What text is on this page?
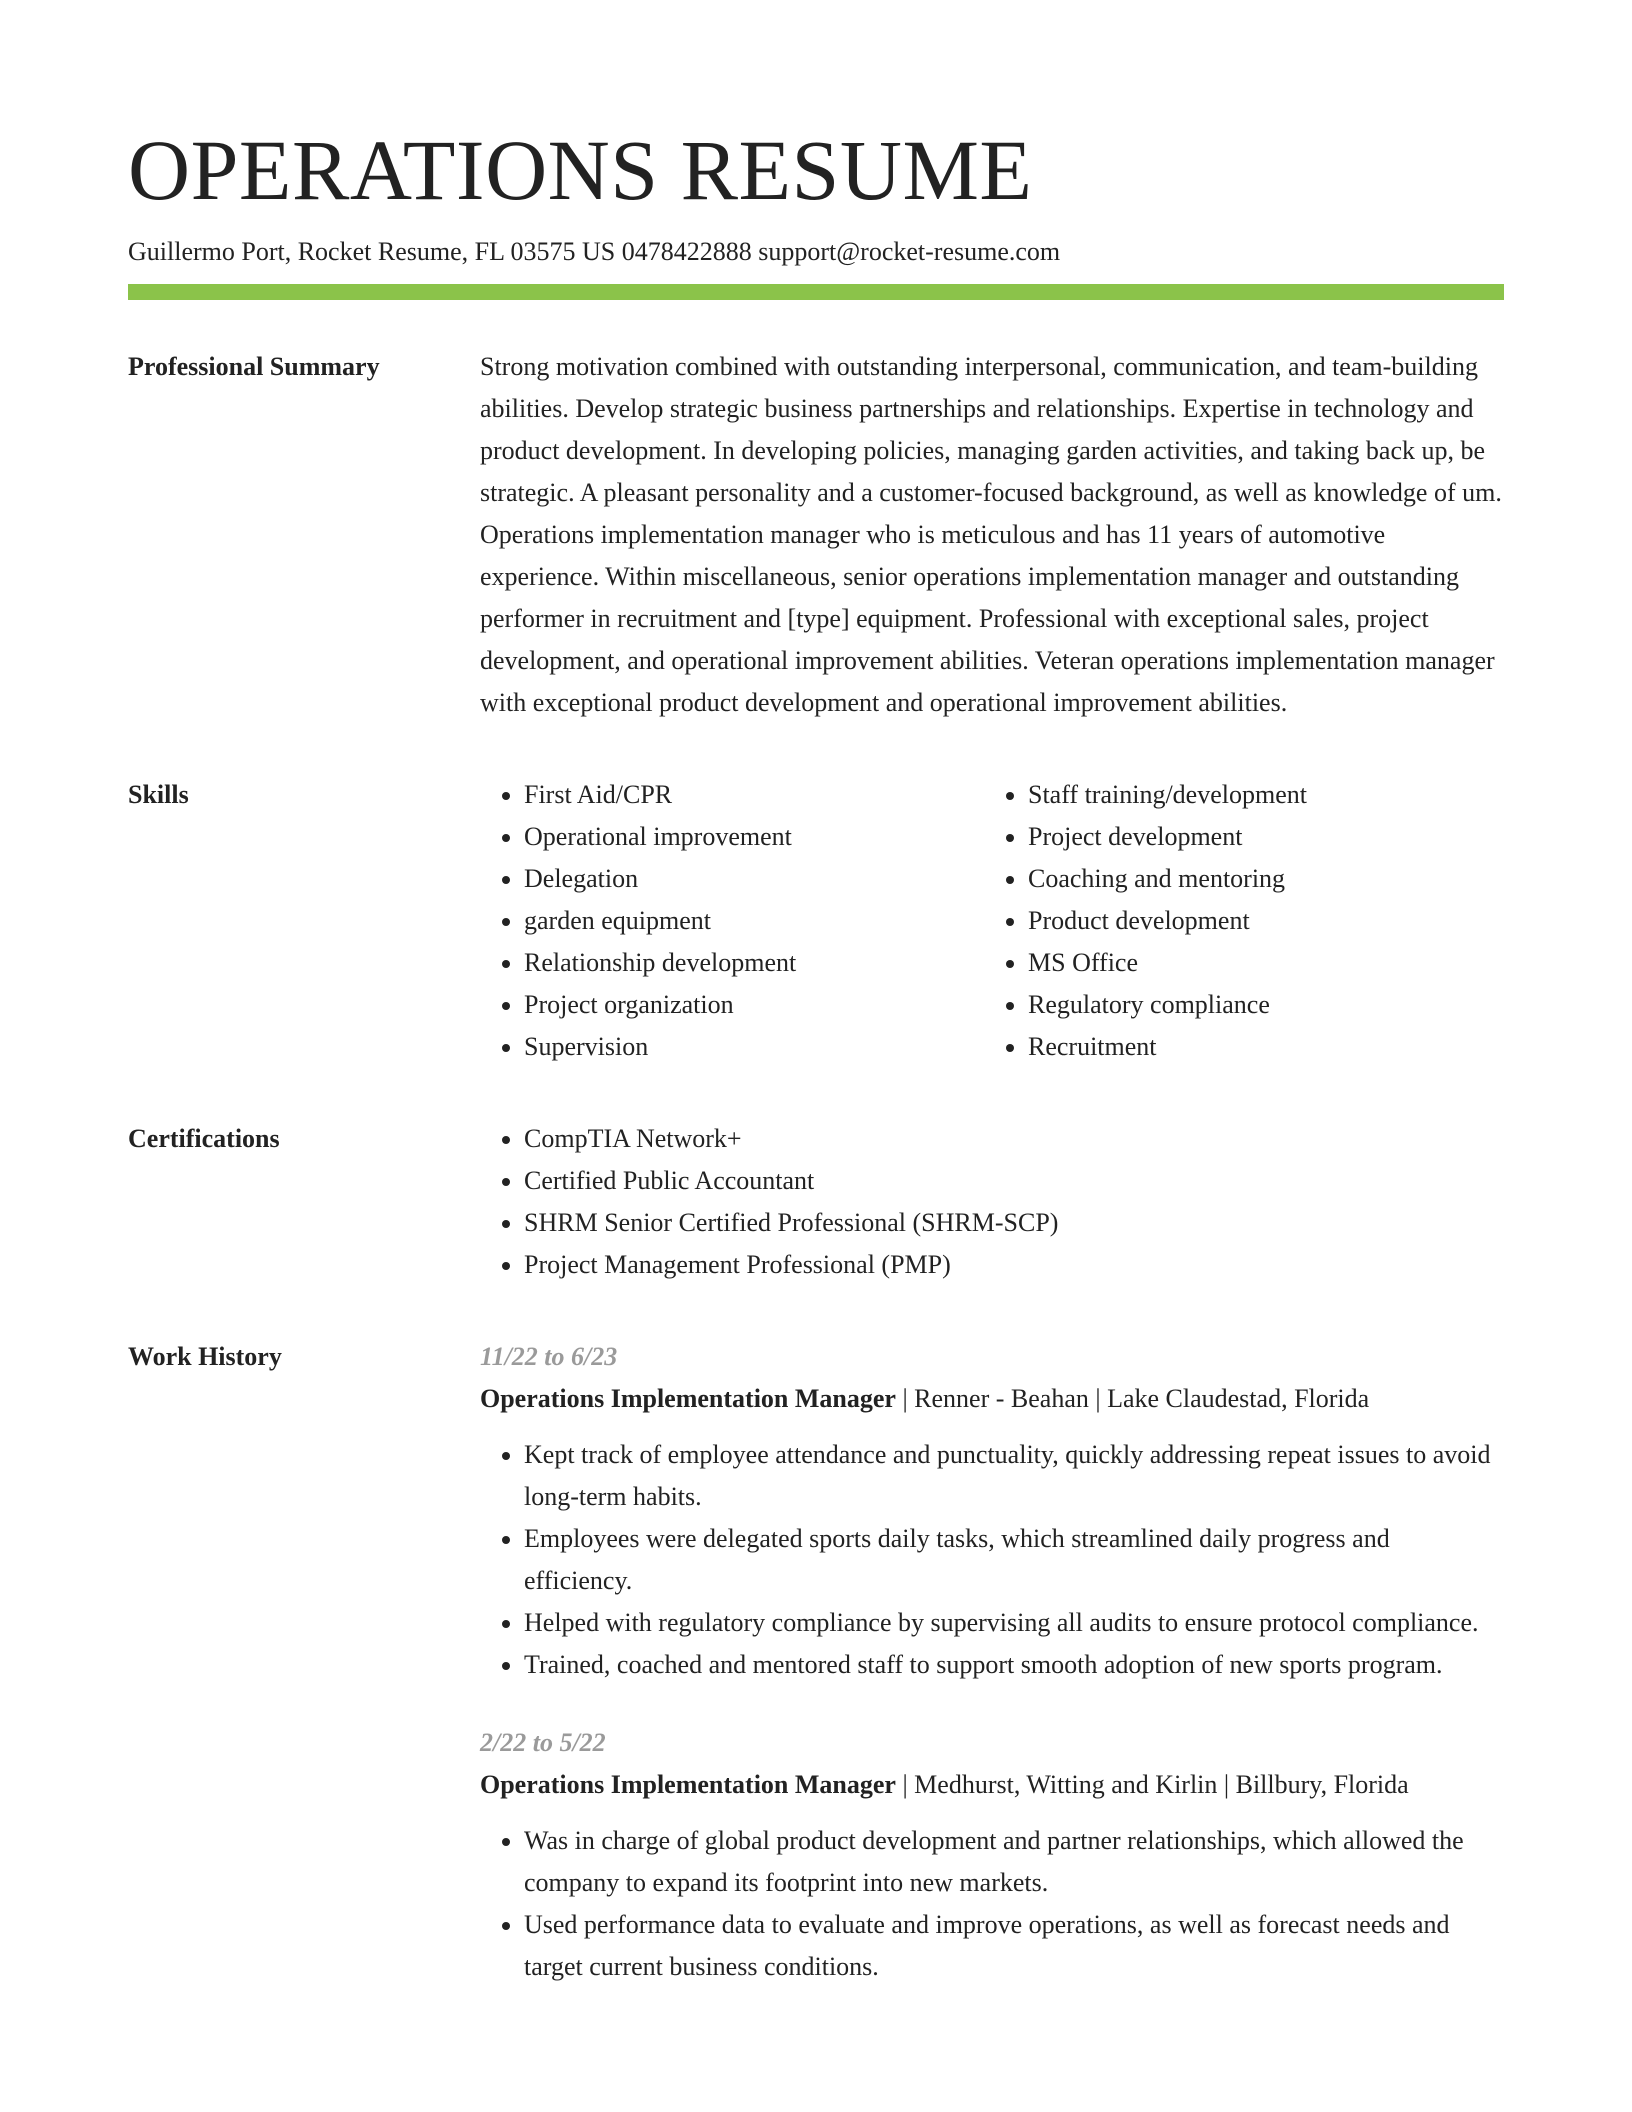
OPERATIONS RESUME
Guillermo Port, Rocket Resume, FL 03575 US 0478422888 support@rocket-resume.com
Professional Summary	Strong motivation combined with outstanding interpersonal, communication, and team-building abilities. Develop strategic business partnerships and relationships. Expertise in technology and product development. In developing policies, managing garden activities, and taking back up, be strategic. A pleasant personality and a customer-focused background, as well as knowledge of um. Operations implementation manager who is meticulous and has 11 years of automotive experience. Within miscellaneous, senior operations implementation manager and outstanding performer in recruitment and [type] equipment. Professional with exceptional sales, project development, and operational improvement abilities. Veteran operations implementation manager with exceptional product development and operational improvement abilities.

Skills	• First Aid/CPR
• Operational improvement
• Delegation
• garden equipment
• Relationship development
• Project organization
• Supervision
• Staff training/development
• Project development
• Coaching and mentoring
• Product development
• MS Office
• Regulatory compliance
• Recruitment
Certifications	• CompTIA Network+
• Certified Public Accountant
• SHRM Senior Certified Professional (SHRM-SCP)
• Project Management Professional (PMP)
Work History	11/22 to 6/23
Operations Implementation Manager | Renner - Beahan | Lake Claudestad, Florida
• Kept track of employee attendance and punctuality, quickly addressing repeat issues to avoid long-term habits.
• Employees were delegated sports daily tasks, which streamlined daily progress and efficiency.
• Helped with regulatory compliance by supervising all audits to ensure protocol compliance.
• Trained, coached and mentored staff to support smooth adoption of new sports program.
2/22 to 5/22
Operations Implementation Manager | Medhurst, Witting and Kirlin | Billbury, Florida
• Was in charge of global product development and partner relationships, which allowed the company to expand its footprint into new markets.
• Used performance data to evaluate and improve operations, as well as forecast needs and target current business conditions.
